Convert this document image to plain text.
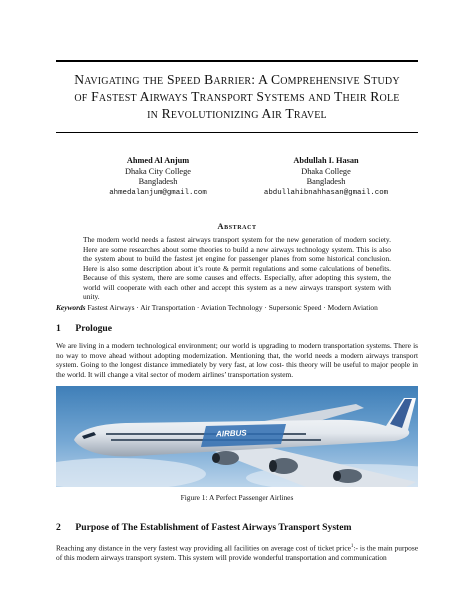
Navigating the Speed Barrier: A Comprehensive Study
of Fastest Airways Transport Systems and Their Role
in Revolutionizing Air Travel
Ahmed Al Anjum
Dhaka City College
Bangladesh
ahmedalanjum@gmail.com
Abdullah I. Hasan
Dhaka College
Bangladesh
abdullahibnahhasan@gmail.com
Abstract
The modern world needs a fastest airways transport system for the new generation of modern society. Here are some researches about some theories to build a new airways technology system. This is also the system about to build the fastest jet engine for passenger planes from some historical conclusion. Here is also some description about it’s route & permit regulations and some calculations of benefits. Because of this system, there are some causes and effects. Especially, after adopting this system, the world will cooperate with each other and accept this system as a new airways transport system with unity.
Keywords Fastest Airways · Air Transportation · Aviation Technology · Supersonic Speed · Modern Aviation
1 Prologue
We are living in a modern technological environment; our world is upgrading to modern transportation systems. There is no way to move ahead without adopting modernization. Mentioning that, the world needs a modern airways transport system. Going to the longest distance immediately by very fast, at low cost- this theory will be useful to major people in the world. It will change a vital sector of modern airlines’ transportation system.
AIRBUS
Figure 1: A Perfect Passenger Airlines
2 Purpose of The Establishment of Fastest Airways Transport System
Reaching any distance in the very fastest way providing all facilities on average cost of ticket price$^1$:- is the main purpose of this modern airways transport system. This system will provide wonderful transportation and communication
